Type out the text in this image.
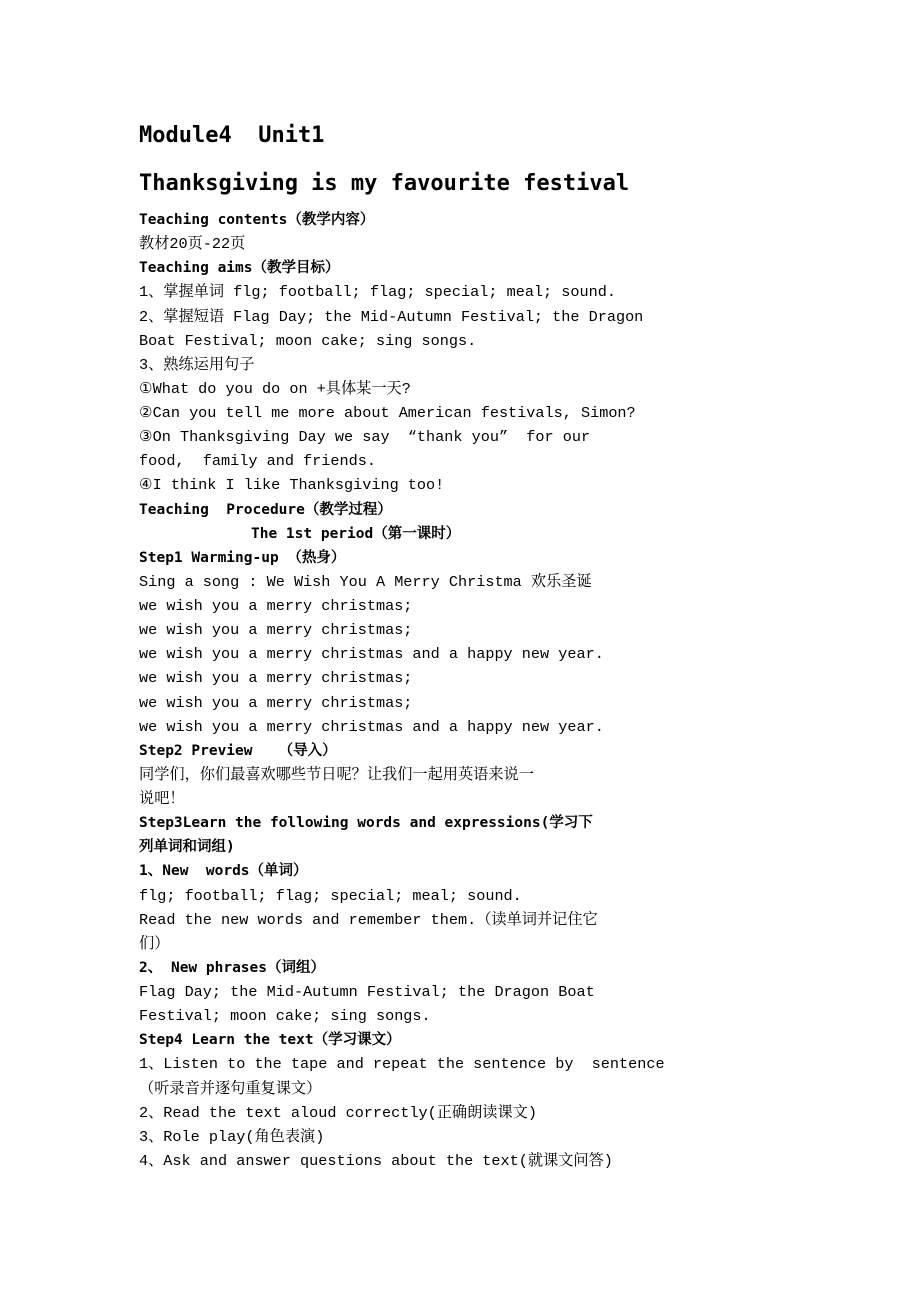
Module4  Unit1
Thanksgiving is my favourite festival
Teaching contents（教学内容）
教材20页-22页
Teaching aims（教学目标）
1、掌握单词 flg; football; flag; special; meal; sound.
2、掌握短语 Flag Day; the Mid-Autumn Festival; the Dragon
Boat Festival; moon cake; sing songs.
3、熟练运用句子
①What do you do on +具体某一天?
②Can you tell me more about American festivals, Simon?
③On Thanksgiving Day we say  “thank you”  for our
food,  family and friends.
④I think I like Thanksgiving too!
Teaching  Procedure（教学过程）
The 1st period（第一课时）
Step1 Warming-up （热身）
Sing a song : We Wish You A Merry Christma 欢乐圣诞
we wish you a merry christmas;
we wish you a merry christmas;
we wish you a merry christmas and a happy new year.
we wish you a merry christmas;
we wish you a merry christmas;
we wish you a merry christmas and a happy new year.
Step2 Preview   （导入）
同学们，你们最喜欢哪些节日呢？让我们一起用英语来说一
说吧！
Step3Learn the following words and expressions(学习下
列单词和词组)
1、New  words（单词）
flg; football; flag; special; meal; sound.
Read the new words and remember them.（读单词并记住它
们）
2、 New phrases（词组）
Flag Day; the Mid-Autumn Festival; the Dragon Boat
Festival; moon cake; sing songs.
Step4 Learn the text（学习课文）
1、Listen to the tape and repeat the sentence by  sentence
（听录音并逐句重复课文）
2、Read the text aloud correctly(正确朗读课文)
3、Role play(角色表演)
4、Ask and answer questions about the text(就课文问答)
